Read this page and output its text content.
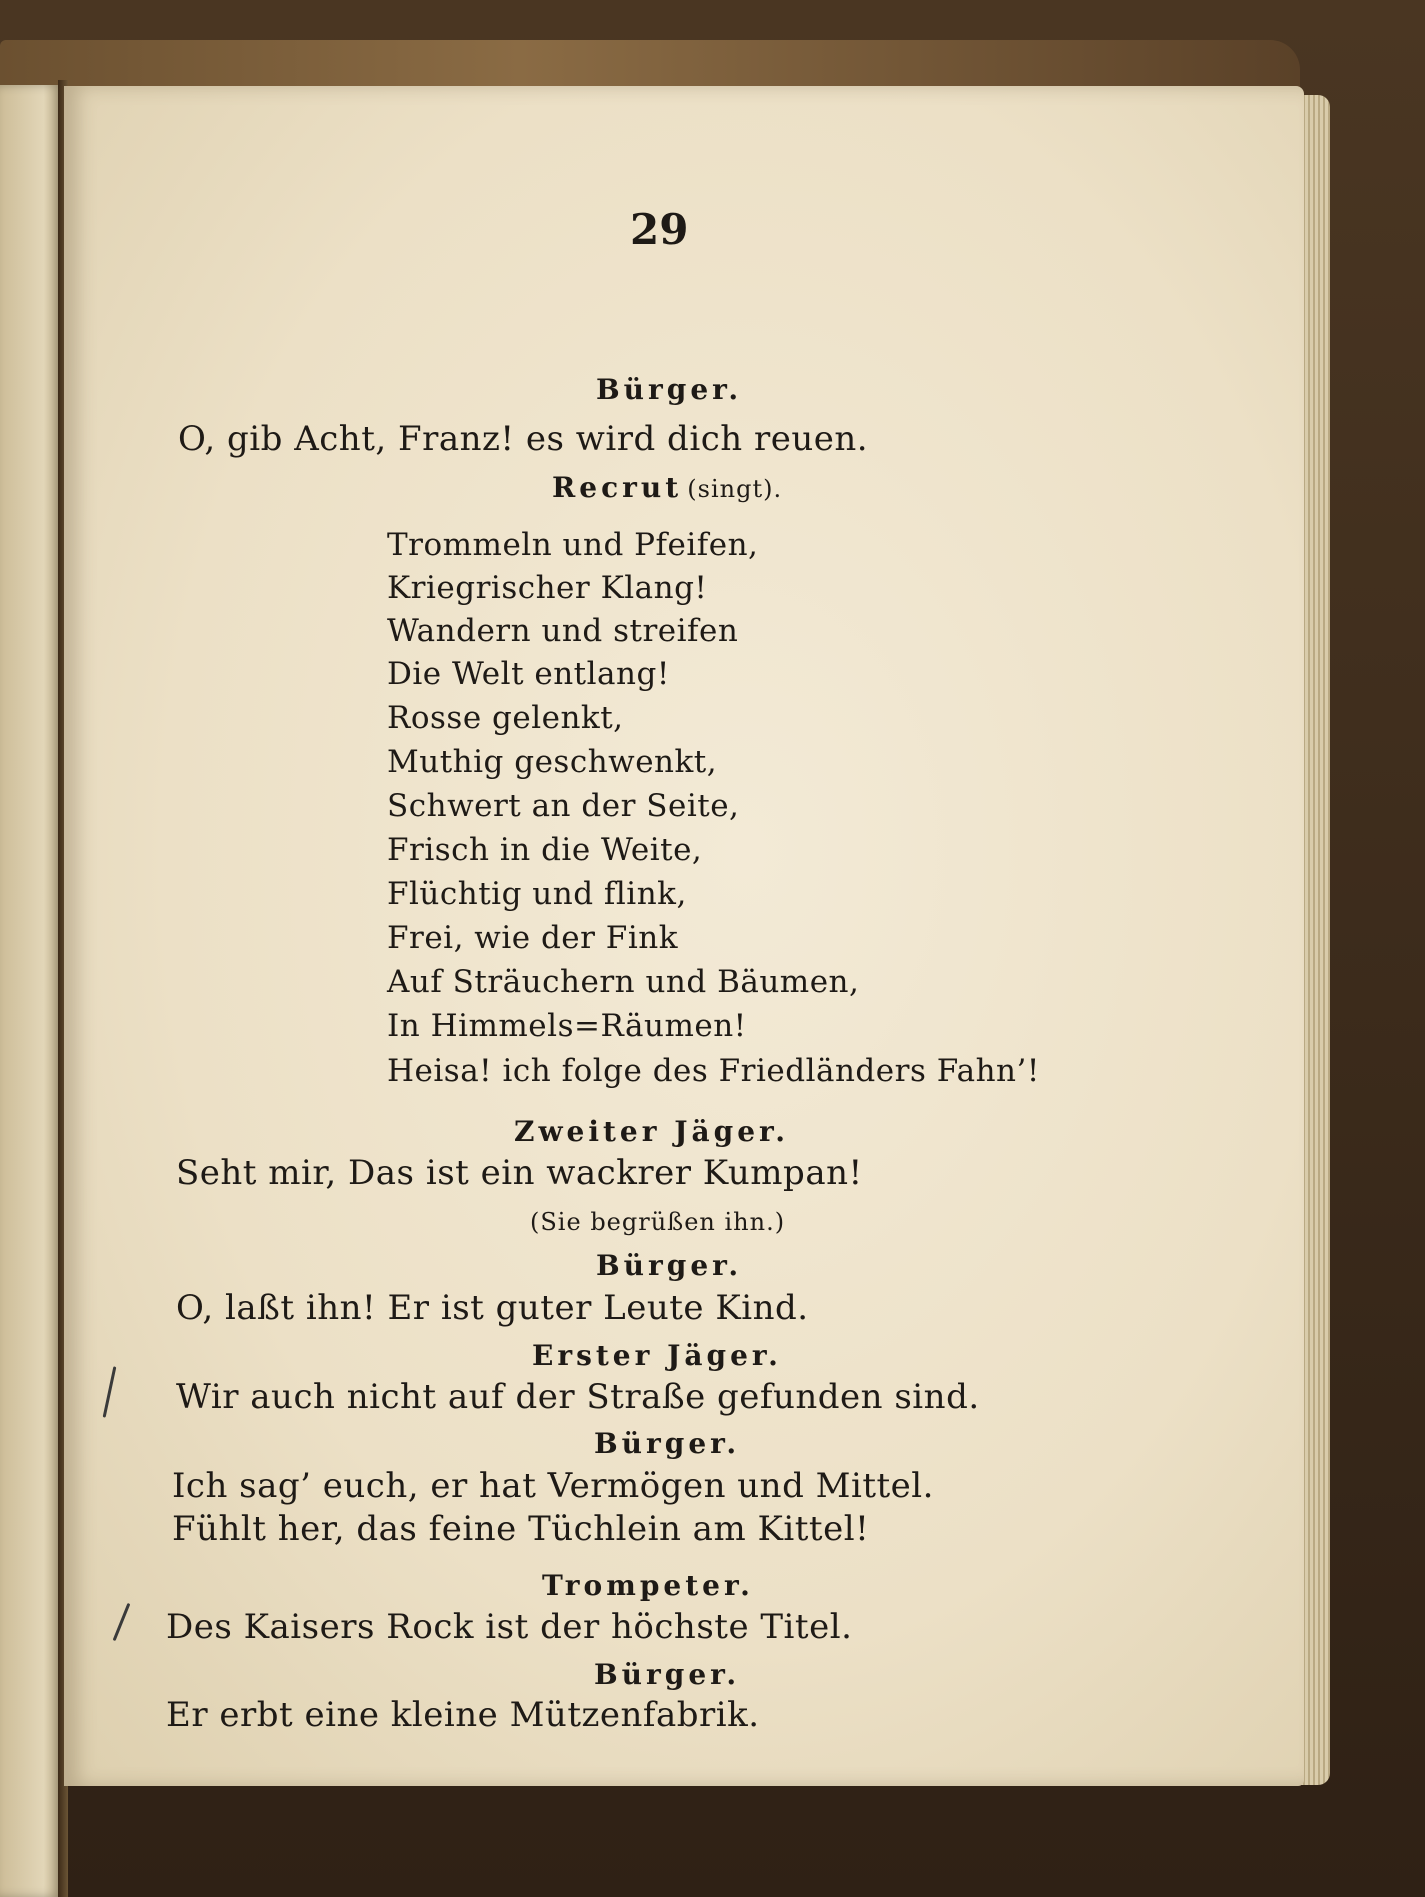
29
Bürger.
O, gib Acht, Franz! es wird dich reuen.
Recrut (singt).
Trommeln und Pfeifen,
Kriegrischer Klang!
Wandern und streifen
Die Welt entlang!
Rosse gelenkt,
Muthig geschwenkt,
Schwert an der Seite,
Frisch in die Weite,
Flüchtig und flink,
Frei, wie der Fink
Auf Sträuchern und Bäumen,
In Himmels=Räumen!
Heisa! ich folge des Friedländers Fahn’!
Zweiter Jäger.
Seht mir, Das ist ein wackrer Kumpan!
(Sie begrüßen ihn.)
Bürger.
O, laßt ihn! Er ist guter Leute Kind.
Erster Jäger.
Wir auch nicht auf der Straße gefunden sind.
Bürger.
Ich sag’ euch, er hat Vermögen und Mittel.
Fühlt her, das feine Tüchlein am Kittel!
Trompeter.
Des Kaisers Rock ist der höchste Titel.
Bürger.
Er erbt eine kleine Mützenfabrik.
